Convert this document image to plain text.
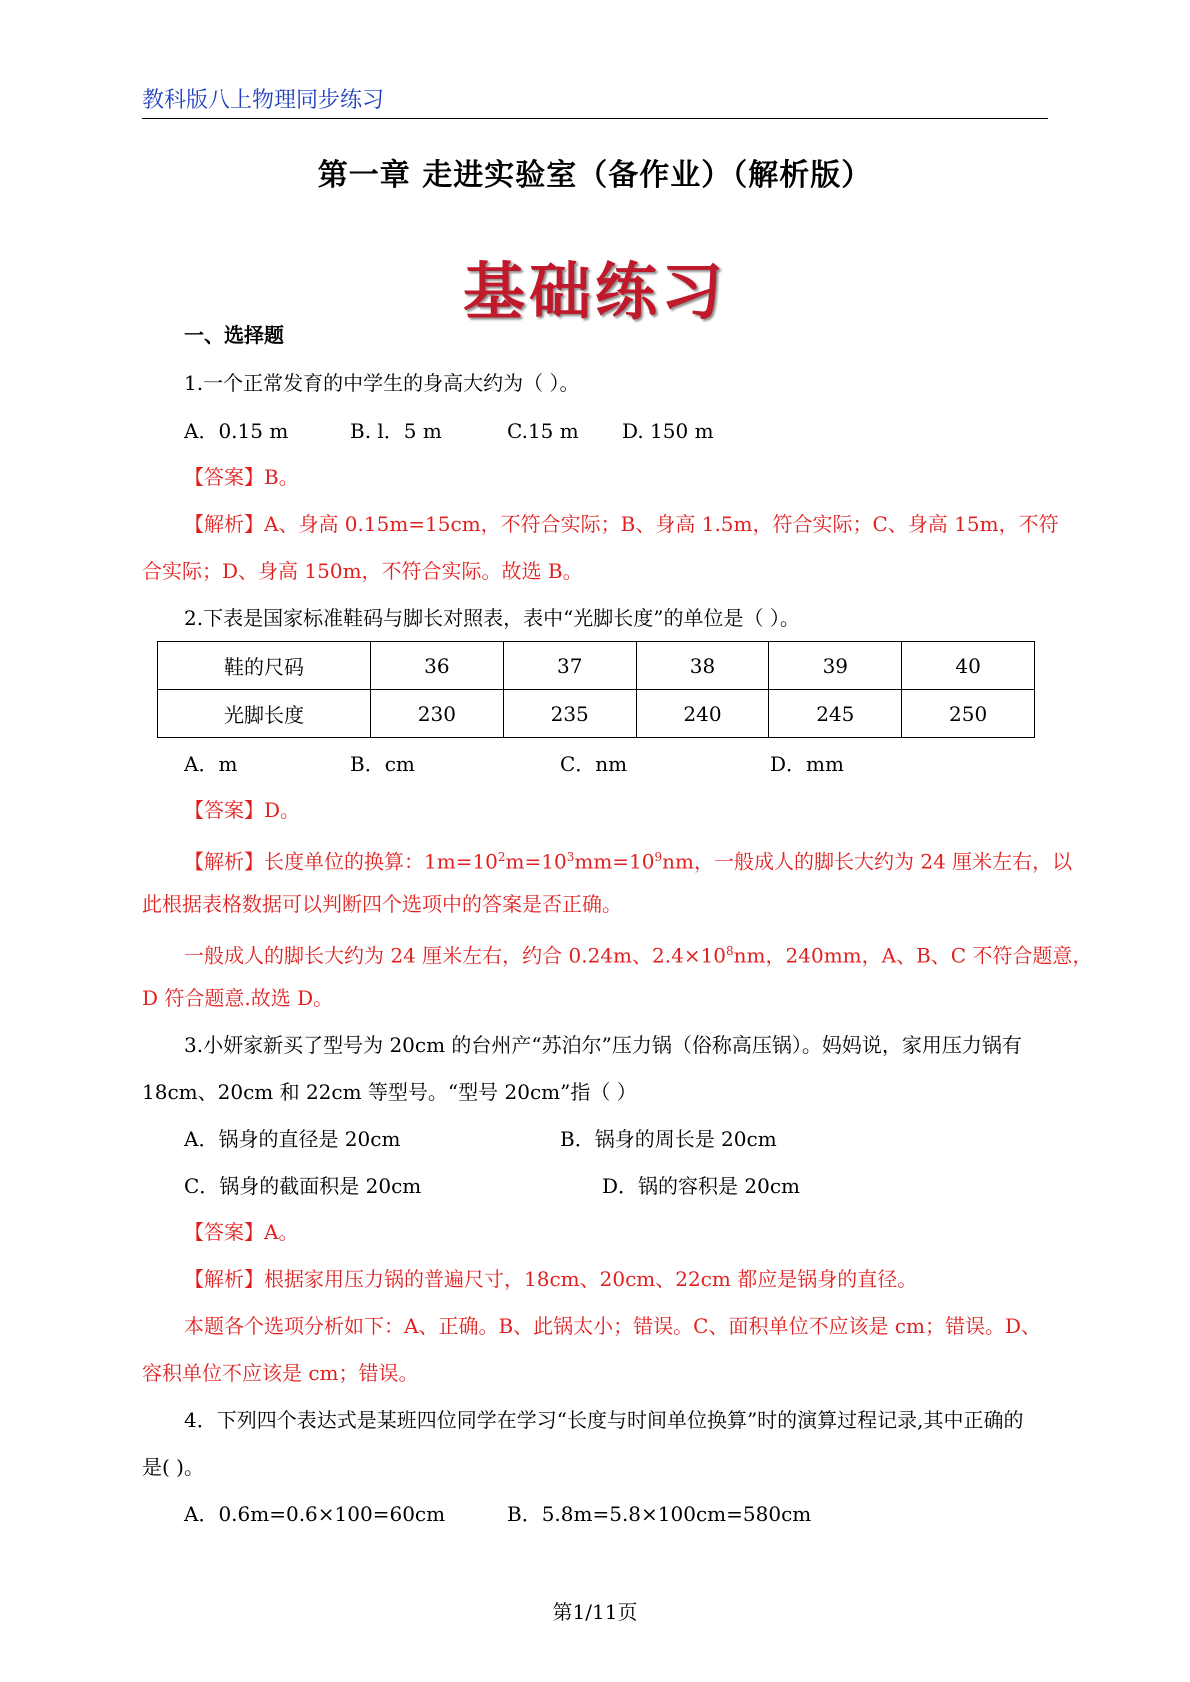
教科版八上物理同步练习
第一章 走进实验室（备作业）（解析版）
基础练习
一、选择题
1.一个正常发育的中学生的身高大约为（ ）。
A．0.15 m	B. l．5 m	C.15 m D. 150 m
【答案】B。
【解析】A、身高 0.15m=15cm，不符合实际；B、身高 1.5m，符合实际；C、身高 15m，不符
合实际；D、身高 150m，不符合实际。故选 B。
2.下表是国家标准鞋码与脚长对照表，表中“光脚长度”的单位是（ ）。
鞋的尺码	36	37	38	39	40
光脚长度	230	235	240	245	250
A．m	B．cm	C．nm	D．mm
【答案】D。
【解析】长度单位的换算：$1m=10^2m=10^3mm=10^9nm$，一般成人的脚长大约为 24 厘米左右，以
此根据表格数据可以判断四个选项中的答案是否正确。
一般成人的脚长大约为 24 厘米左右，约合 0.24m、$2.4\times 10^8nm$，240mm，A、B、C 不符合题意，
D 符合题意.故选 D。
3.小妍家新买了型号为 20cm 的台州产“苏泊尔”压力锅（俗称高压锅）。妈妈说，家用压力锅有
18cm、20cm 和 22cm 等型号。“型号 20cm”指（ ）
A．锅身的直径是 20cm	B．锅身的周长是 20cm
C．锅身的截面积是 20cm	D．锅的容积是 20cm
【答案】A。
【解析】根据家用压力锅的普遍尺寸，18cm、20cm、22cm 都应是锅身的直径。
本题各个选项分析如下：A、正确。B、此锅太小；错误。C、面积单位不应该是 cm；错误。D、
容积单位不应该是 cm；错误。
4．下列四个表达式是某班四位同学在学习“长度与时间单位换算”时的演算过程记录,其中正确的
是( )。
A．0.6m=0.6×100=60cm	B．5.8m=5.8×100cm=580cm
第1/11页
